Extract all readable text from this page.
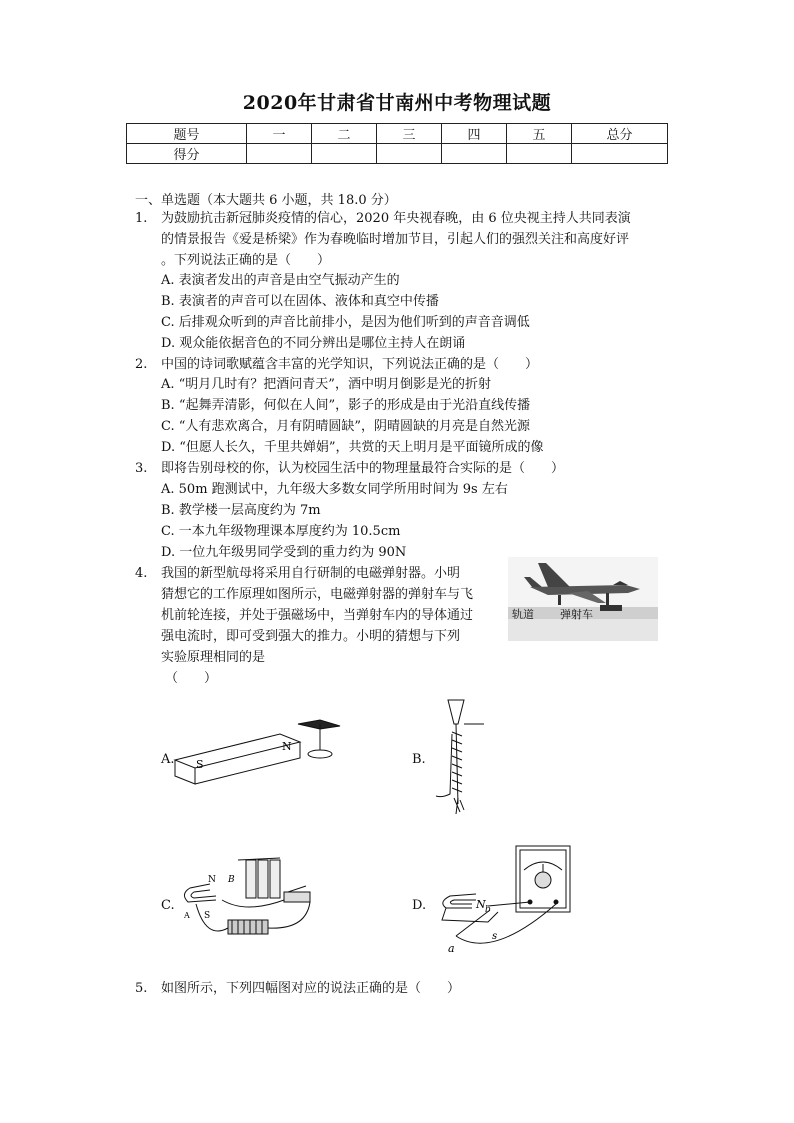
2020年甘肃省甘南州中考物理试题
题号	一	二	三	四	五	总分
得分						
一、单选题（本大题共 6 小题，共 18.0 分）
1.	为鼓励抗击新冠肺炎疫情的信心，2020 年央视春晚，由 6 位央视主持人共同表演
的情景报告《爱是桥梁》作为春晚临时增加节目，引起人们的强烈关注和高度好评
。下列说法正确的是（　　）
A. 表演者发出的声音是由空气振动产生的
B. 表演者的声音可以在固体、液体和真空中传播
C. 后排观众听到的声音比前排小，是因为他们听到的声音音调低
D. 观众能依据音色的不同分辨出是哪位主持人在朗诵
2.	中国的诗词歌赋蕴含丰富的光学知识，下列说法正确的是（　　）
A. “明月几时有？把酒问青天”，酒中明月倒影是光的折射
B. “起舞弄清影，何似在人间”，影子的形成是由于光沿直线传播
C. “人有悲欢离合，月有阴晴圆缺”，阴晴圆缺的月亮是自然光源
D. “但愿人长久，千里共婵娟”，共赏的天上明月是平面镜所成的像
3.	即将告别母校的你，认为校园生活中的物理量最符合实际的是（　　）
A. 50m 跑测试中，九年级大多数女同学所用时间为 9s 左右
B. 教学楼一层高度约为 7m
C. 一本九年级物理课本厚度约为 10.5cm
D. 一位九年级男同学受到的重力约为 90N
4.	我国的新型航母将采用自行研制的电磁弹射器。小明
猜想它的工作原理如图所示，电磁弹射器的弹射车与飞
机前轮连接，并处于强磁场中，当弹射车内的导体通过
强电流时，即可受到强大的推力。小明的猜想与下列
实验原理相同的是
（　　）
轨道 弹射车
A. S
N
B.
C.
N
A S
B
D.	N b
s
a
5.	如图所示，下列四幅图对应的说法正确的是（　　）
